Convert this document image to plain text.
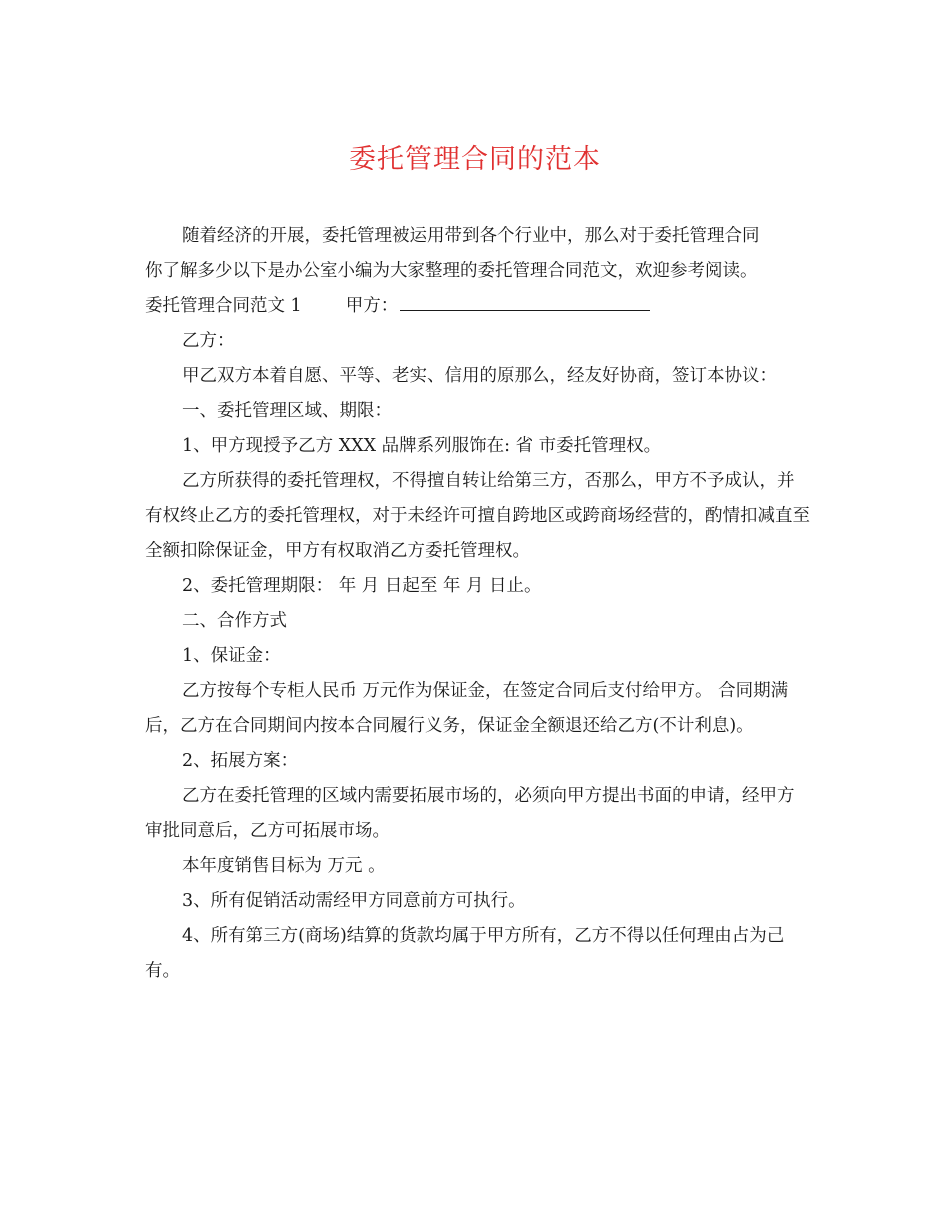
委托管理合同的范本

随着经济的开展，委托管理被运用带到各个行业中，那么对于委托管理合同

你了解多少以下是办公室小编为大家整理的委托管理合同范文，欢迎参考阅读。

委托管理合同范文 1	甲方：

乙方：

甲乙双方本着自愿、平等、老实、信用的原那么，经友好协商，签订本协议：

一、委托管理区域、期限：

1、甲方现授予乙方 XXX 品牌系列服饰在: 省 市委托管理权。

乙方所获得的委托管理权，不得擅自转让给第三方，否那么，甲方不予成认，并有权终止乙方的委托管理权，对于未经许可擅自跨地区或跨商场经营的，酌情扣减直至全额扣除保证金，甲方有权取消乙方委托管理权。

2、委托管理期限： 年 月 日起至 年 月 日止。

二、合作方式

1、保证金：

乙方按每个专柜人民币 万元作为保证金，在签定合同后支付给甲方。 合同期满后，乙方在合同期间内按本合同履行义务，保证金全额退还给乙方(不计利息)。

2、拓展方案：

乙方在委托管理的区域内需要拓展市场的，必须向甲方提出书面的申请，经甲方审批同意后，乙方可拓展市场。

本年度销售目标为 万元 。

3、所有促销活动需经甲方同意前方可执行。

4、所有第三方(商场)结算的货款均属于甲方所有，乙方不得以任何理由占为己有。
